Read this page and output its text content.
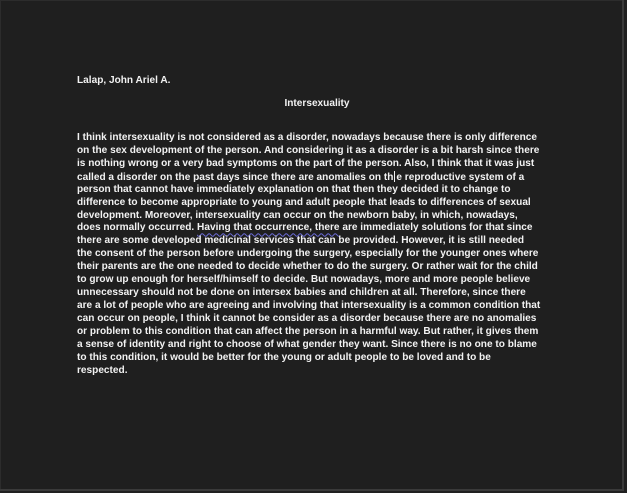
Lalap, John Ariel A.
Intersexuality
I think intersexuality is not considered as a disorder, nowadays because there is only difference
on the sex development of the person. And considering it as a disorder is a bit harsh since there
is nothing wrong or a very bad symptoms on the part of the person. Also, I think that it was just
called a disorder on the past days since there are anomalies on th e reproductive system of a
person that cannot have immediately explanation on that then they decided it to change to
difference to become appropriate to young and adult people that leads to differences of sexual
development. Moreover, intersexuality can occur on the newborn baby, in which, nowadays,
does normally occurred. Having that occurrence, there are immediately solutions for that since
there are some developed medicinal services that can be provided. However, it is still needed
the consent of the person before undergoing the surgery, especially for the younger ones where
their parents are the one needed to decide whether to do the surgery. Or rather wait for the child
to grow up enough for herself/himself to decide. But nowadays, more and more people believe
unnecessary should not be done on intersex babies and children at all. Therefore, since there
are a lot of people who are agreeing and involving that intersexuality is a common condition that
can occur on people, I think it cannot be consider as a disorder because there are no anomalies
or problem to this condition that can affect the person in a harmful way. But rather, it gives them
a sense of identity and right to choose of what gender they want. Since there is no one to blame
to this condition, it would be better for the young or adult people to be loved and to be
respected.
